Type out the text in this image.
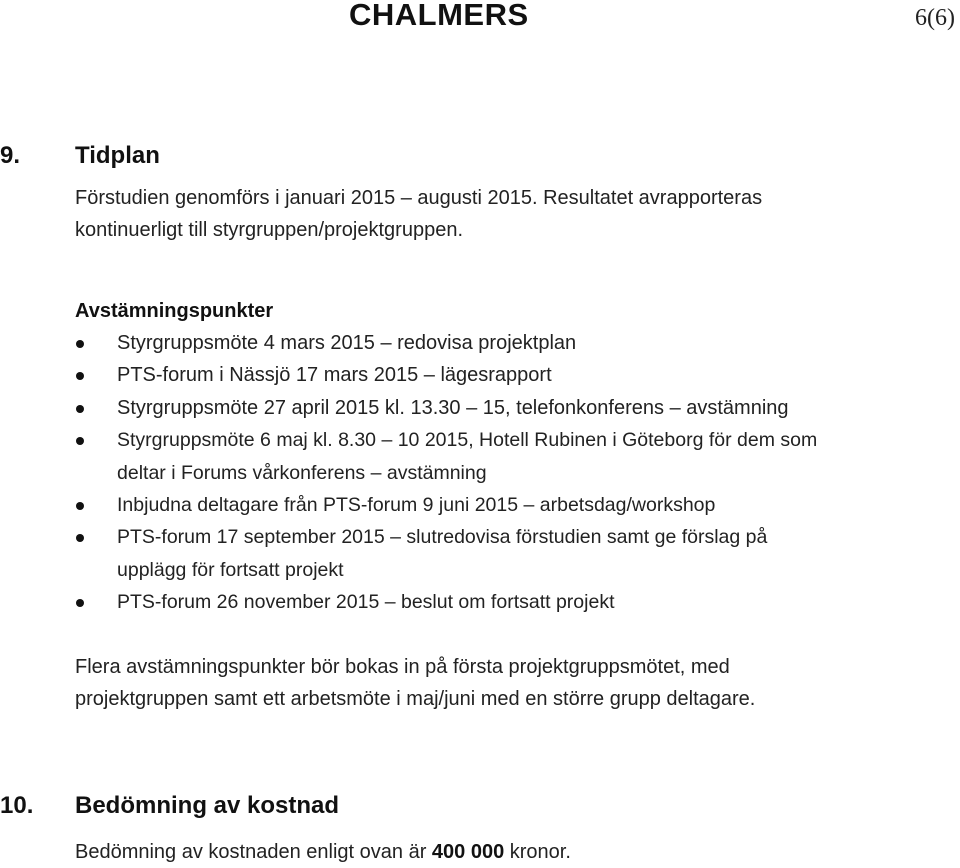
CHALMERS	6(6)
9. Tidplan
Förstudien genomförs i januari 2015 – augusti 2015. Resultatet avrapporteras
kontinuerligt till styrgruppen/projektgruppen.
Avstämningspunkter
Styrgruppsmöte 4 mars 2015 – redovisa projektplan
PTS-forum i Nässjö 17 mars 2015 – lägesrapport
Styrgruppsmöte 27 april 2015 kl. 13.30 – 15, telefonkonferens – avstämning
Styrgruppsmöte 6 maj kl. 8.30 – 10 2015, Hotell Rubinen i Göteborg för dem som
deltar i Forums vårkonferens – avstämning
Inbjudna deltagare från PTS-forum 9 juni 2015 – arbetsdag/workshop
PTS-forum 17 september 2015 – slutredovisa förstudien samt ge förslag på
upplägg för fortsatt projekt
PTS-forum 26 november 2015 – beslut om fortsatt projekt
Flera avstämningspunkter bör bokas in på första projektgruppsmötet, med
projektgruppen samt ett arbetsmöte i maj/juni med en större grupp deltagare.
10. Bedömning av kostnad
Bedömning av kostnaden enligt ovan är 400 000 kronor.
